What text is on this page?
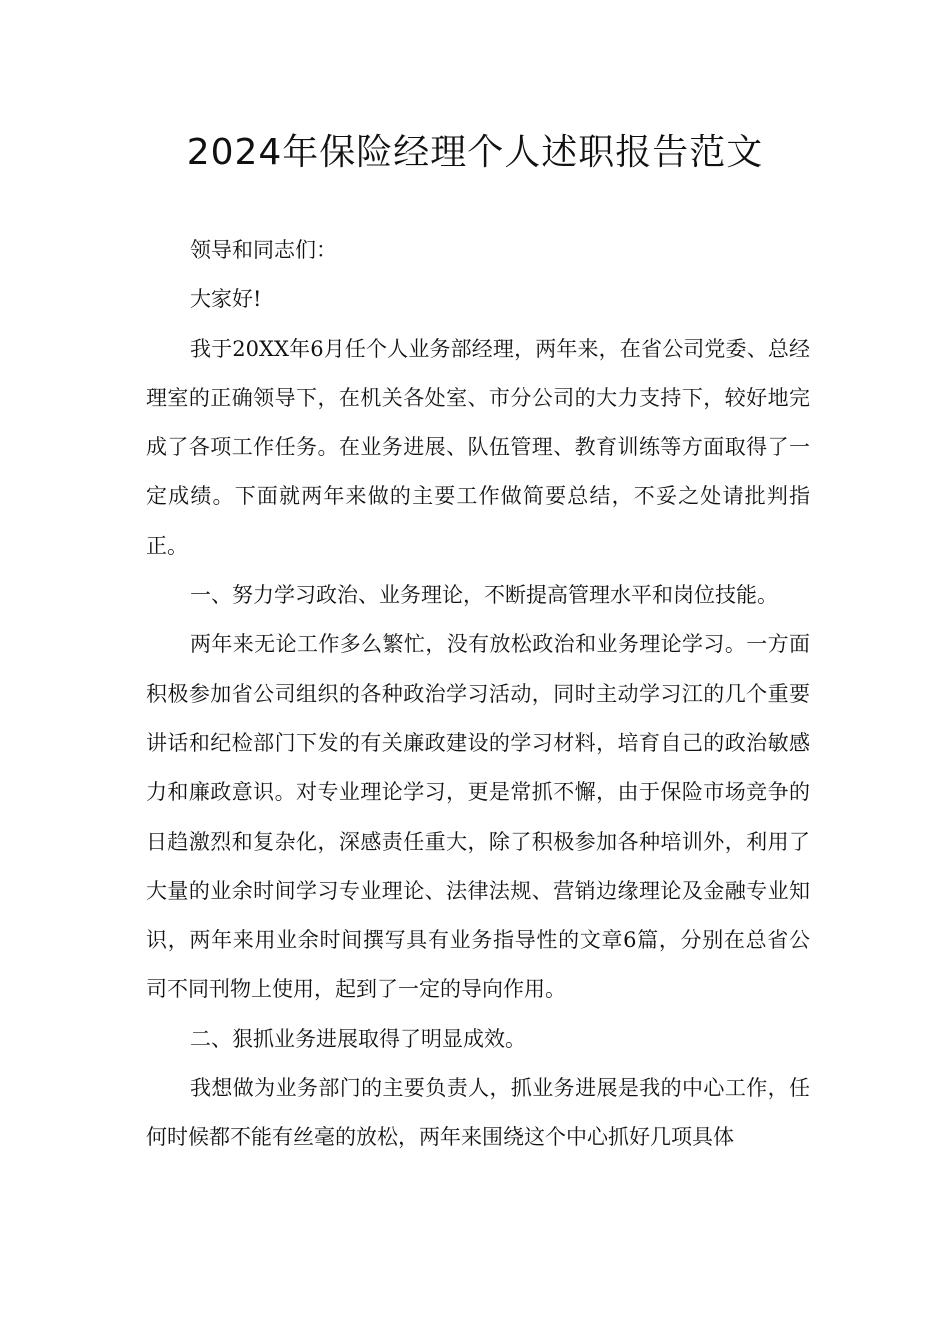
2024年保险经理个人述职报告范文

领导和同志们：

大家好!

我于20XX年6月任个人业务部经理，两年来，在省公司党委、总经理室的正确领导下，在机关各处室、市分公司的大力支持下，较好地完成了各项工作任务。在业务进展、队伍管理、教育训练等方面取得了一定成绩。下面就两年来做的主要工作做简要总结，不妥之处请批判指正。

一、努力学习政治、业务理论，不断提高管理水平和岗位技能。

两年来无论工作多么繁忙，没有放松政治和业务理论学习。一方面积极参加省公司组织的各种政治学习活动，同时主动学习江的几个重要讲话和纪检部门下发的有关廉政建设的学习材料，培育自己的政治敏感力和廉政意识。对专业理论学习，更是常抓不懈，由于保险市场竞争的日趋激烈和复杂化，深感责任重大，除了积极参加各种培训外，利用了大量的业余时间学习专业理论、法律法规、营销边缘理论及金融专业知识，两年来用业余时间撰写具有业务指导性的文章6篇，分别在总省公司不同刊物上使用，起到了一定的导向作用。

二、狠抓业务进展取得了明显成效。

我想做为业务部门的主要负责人，抓业务进展是我的中心工作，任何时候都不能有丝毫的放松，两年来围绕这个中心抓好几项具体
